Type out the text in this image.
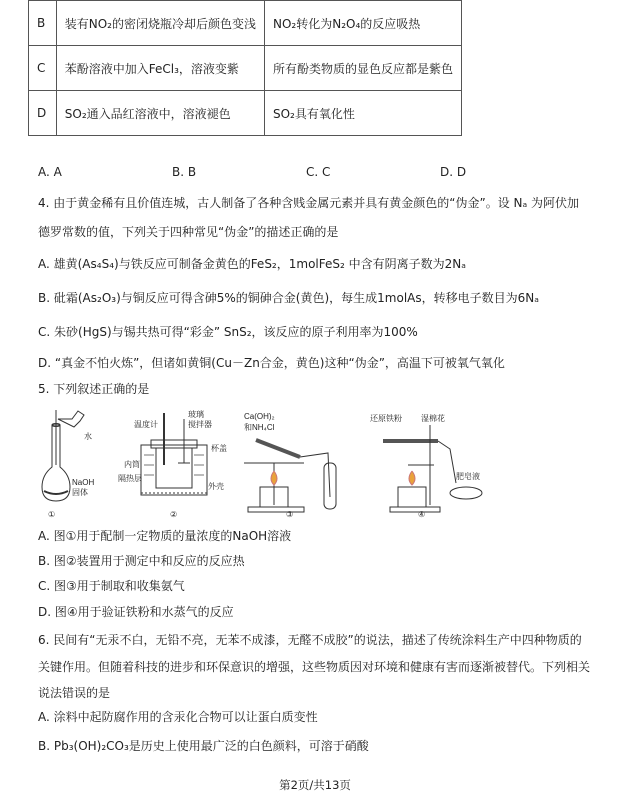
B	装有NO₂的密闭烧瓶冷却后颜色变浅	NO₂转化为N₂O₄的反应吸热
C	苯酚溶液中加入FeCl₃，溶液变紫	所有酚类物质的显色反应都是紫色
D	SO₂通入品红溶液中，溶液褪色	SO₂具有氧化性
A. A	B. B	C. C	D. D
4. 由于黄金稀有且价值连城，古人制备了各种含贱金属元素并具有黄金颜色的“伪金”。设 Nₐ 为阿伏加
德罗常数的值，下列关于四种常见“伪金”的描述正确的是
A. 雄黄(As₄S₄)与铁反应可制备金黄色的FeS₂，1molFeS₂ 中含有阴离子数为2Nₐ
B. 砒霜(As₂O₃)与铜反应可得含砷5%的铜砷合金(黄色)，每生成1molAs，转移电子数目为6Nₐ
C. 朱砂(HgS)与锡共热可得“彩金” SnS₂，该反应的原子利用率为100%
D. “真金不怕火炼”，但诸如黄铜(Cu－Zn合金，黄色)这种“伪金”，高温下可被氧气氧化
5. 下列叙述正确的是
水
NaOH
固体
温度计
玻璃
搅拌器
杯盖
内筒
隔热层
外壳
Ca(OH)₂
和NH₄Cl
还原铁粉 湿棉花
肥皂液
①	②	③	④
A. 图①用于配制一定物质的量浓度的NaOH溶液
B. 图②装置用于测定中和反应的反应热
C. 图③用于制取和收集氨气
D. 图④用于验证铁粉和水蒸气的反应
6. 民间有“无汞不白，无铅不亮，无苯不成漆，无醛不成胶”的说法，描述了传统涂料生产中四种物质的
关键作用。但随着科技的进步和环保意识的增强，这些物质因对环境和健康有害而逐渐被替代。下列相关
说法错误的是
A. 涂料中起防腐作用的含汞化合物可以让蛋白质变性
B. Pb₃(OH)₂CO₃是历史上使用最广泛的白色颜料，可溶于硝酸
第2页/共13页
